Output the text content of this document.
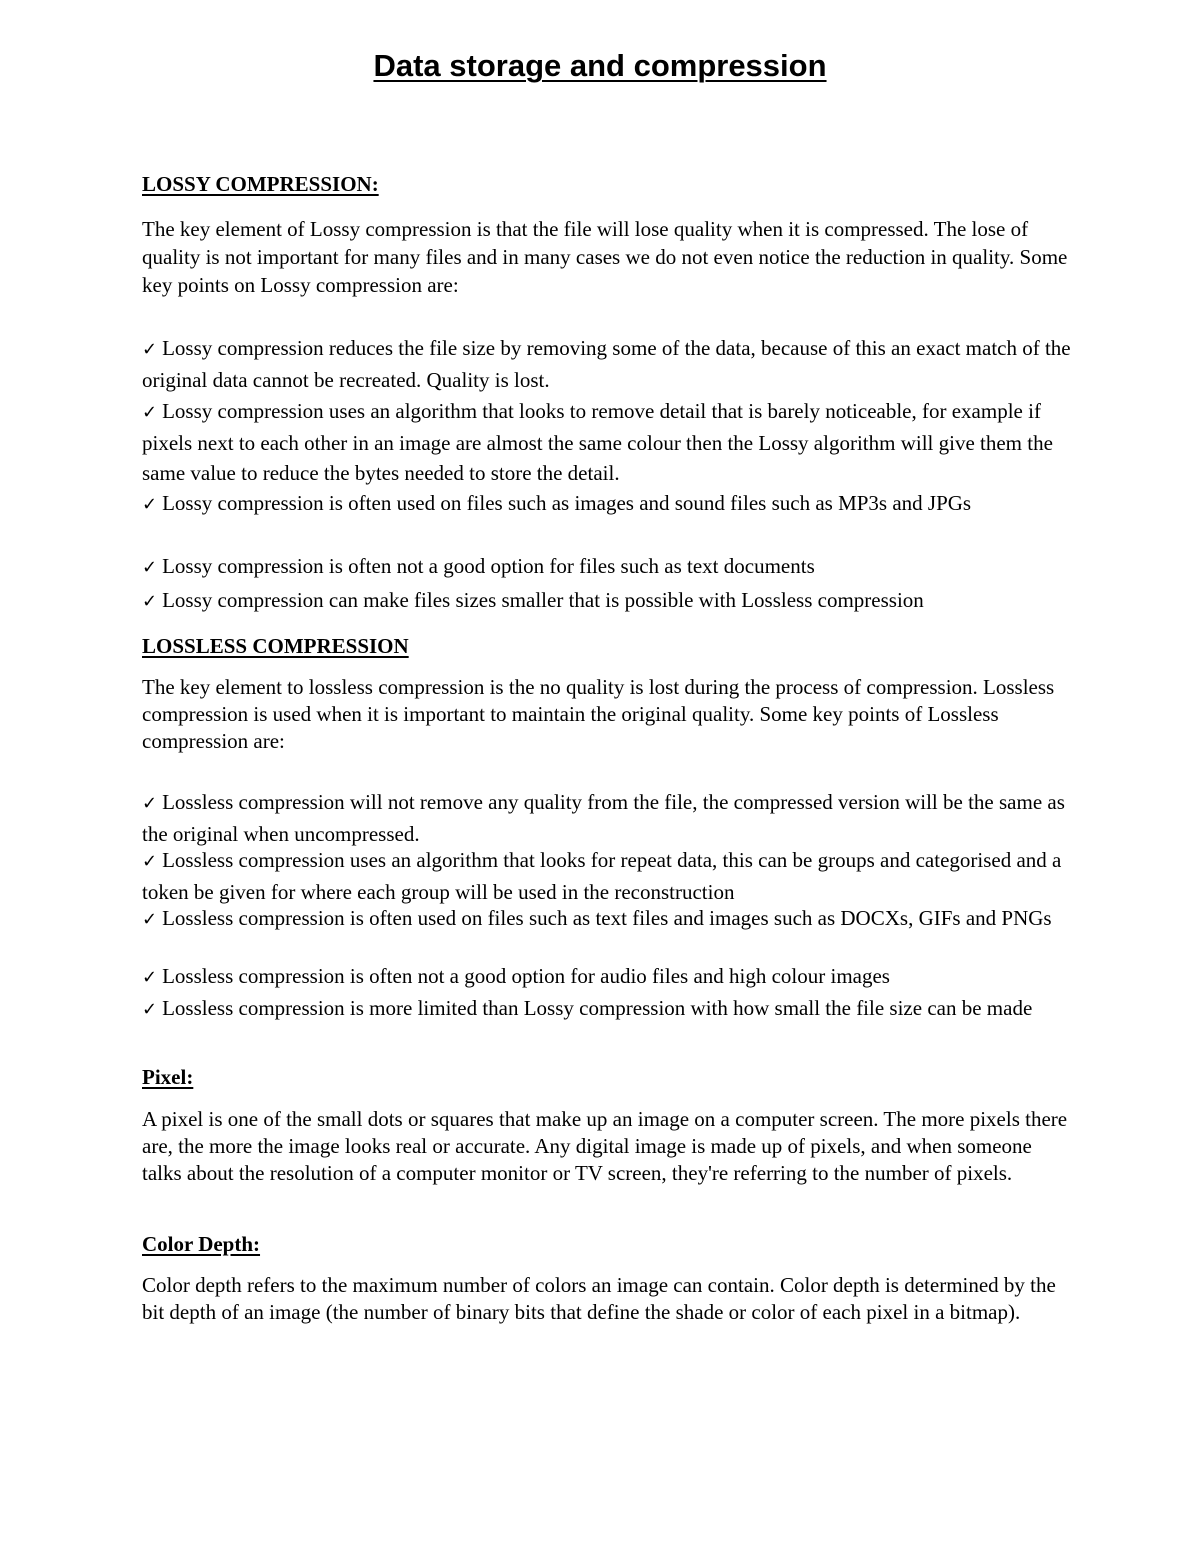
Data storage and compression
LOSSY COMPRESSION:

The key element of Lossy compression is that the file will lose quality when it is compressed. The lose of quality is not important for many files and in many cases we do not even notice the reduction in quality. Some key points on Lossy compression are:

✓ Lossy compression reduces the file size by removing some of the data, because of this an exact match of the original data cannot be recreated. Quality is lost.

✓ Lossy compression uses an algorithm that looks to remove detail that is barely noticeable, for example if pixels next to each other in an image are almost the same colour then the Lossy algorithm will give them the same value to reduce the bytes needed to store the detail.

✓ Lossy compression is often used on files such as images and sound files such as MP3s and JPGs

✓ Lossy compression is often not a good option for files such as text documents

✓ Lossy compression can make files sizes smaller that is possible with Lossless compression

LOSSLESS COMPRESSION

The key element to lossless compression is the no quality is lost during the process of compression. Lossless compression is used when it is important to maintain the original quality. Some key points of Lossless compression are:

✓ Lossless compression will not remove any quality from the file, the compressed version will be the same as the original when uncompressed.

✓ Lossless compression uses an algorithm that looks for repeat data, this can be groups and categorised and a token be given for where each group will be used in the reconstruction

✓ Lossless compression is often used on files such as text files and images such as DOCXs, GIFs and PNGs

✓ Lossless compression is often not a good option for audio files and high colour images

✓ Lossless compression is more limited than Lossy compression with how small the file size can be made

Pixel:

A pixel is one of the small dots or squares that make up an image on a computer screen. The more pixels there are, the more the image looks real or accurate. Any digital image is made up of pixels, and when someone talks about the resolution of a computer monitor or TV screen, they're referring to the number of pixels.

Color Depth:

Color depth refers to the maximum number of colors an image can contain. Color depth is determined by the bit depth of an image (the number of binary bits that define the shade or color of each pixel in a bitmap).
